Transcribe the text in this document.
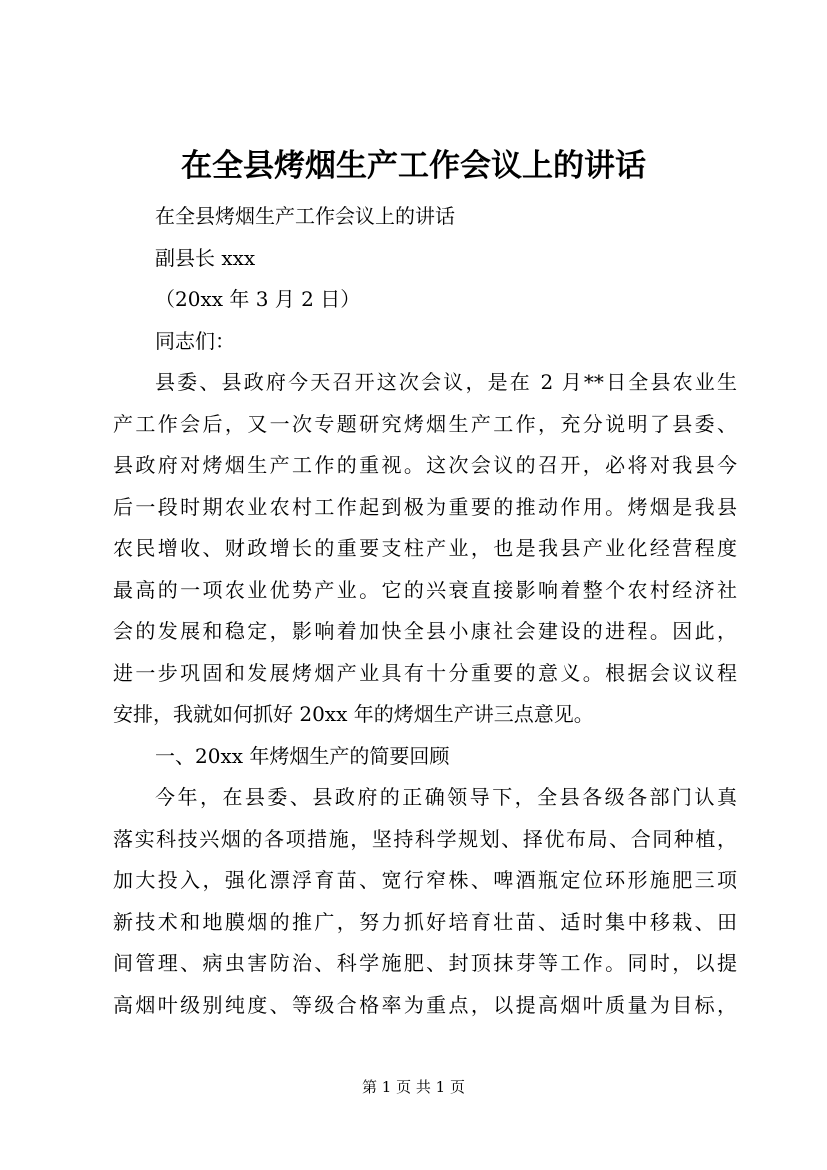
在全县烤烟生产工作会议上的讲话
在全县烤烟生产工作会议上的讲话
副县长 xxx
（20xx 年 3 月 2 日）
同志们：
县委、县政府今天召开这次会议，是在 2 月**日全县农业生
产工作会后，又一次专题研究烤烟生产工作，充分说明了县委、
县政府对烤烟生产工作的重视。这次会议的召开，必将对我县今
后一段时期农业农村工作起到极为重要的推动作用。烤烟是我县
农民增收、财政增长的重要支柱产业，也是我县产业化经营程度
最高的一项农业优势产业。它的兴衰直接影响着整个农村经济社
会的发展和稳定，影响着加快全县小康社会建设的进程。因此，
进一步巩固和发展烤烟产业具有十分重要的意义。根据会议议程
安排，我就如何抓好 20xx 年的烤烟生产讲三点意见。
一、20xx 年烤烟生产的简要回顾
今年，在县委、县政府的正确领导下，全县各级各部门认真
落实科技兴烟的各项措施，坚持科学规划、择优布局、合同种植，
加大投入，强化漂浮育苗、宽行窄株、啤酒瓶定位环形施肥三项
新技术和地膜烟的推广，努力抓好培育壮苗、适时集中移栽、田
间管理、病虫害防治、科学施肥、封顶抹芽等工作。同时，以提
高烟叶级别纯度、等级合格率为重点，以提高烟叶质量为目标，
第 1 页 共 1 页
